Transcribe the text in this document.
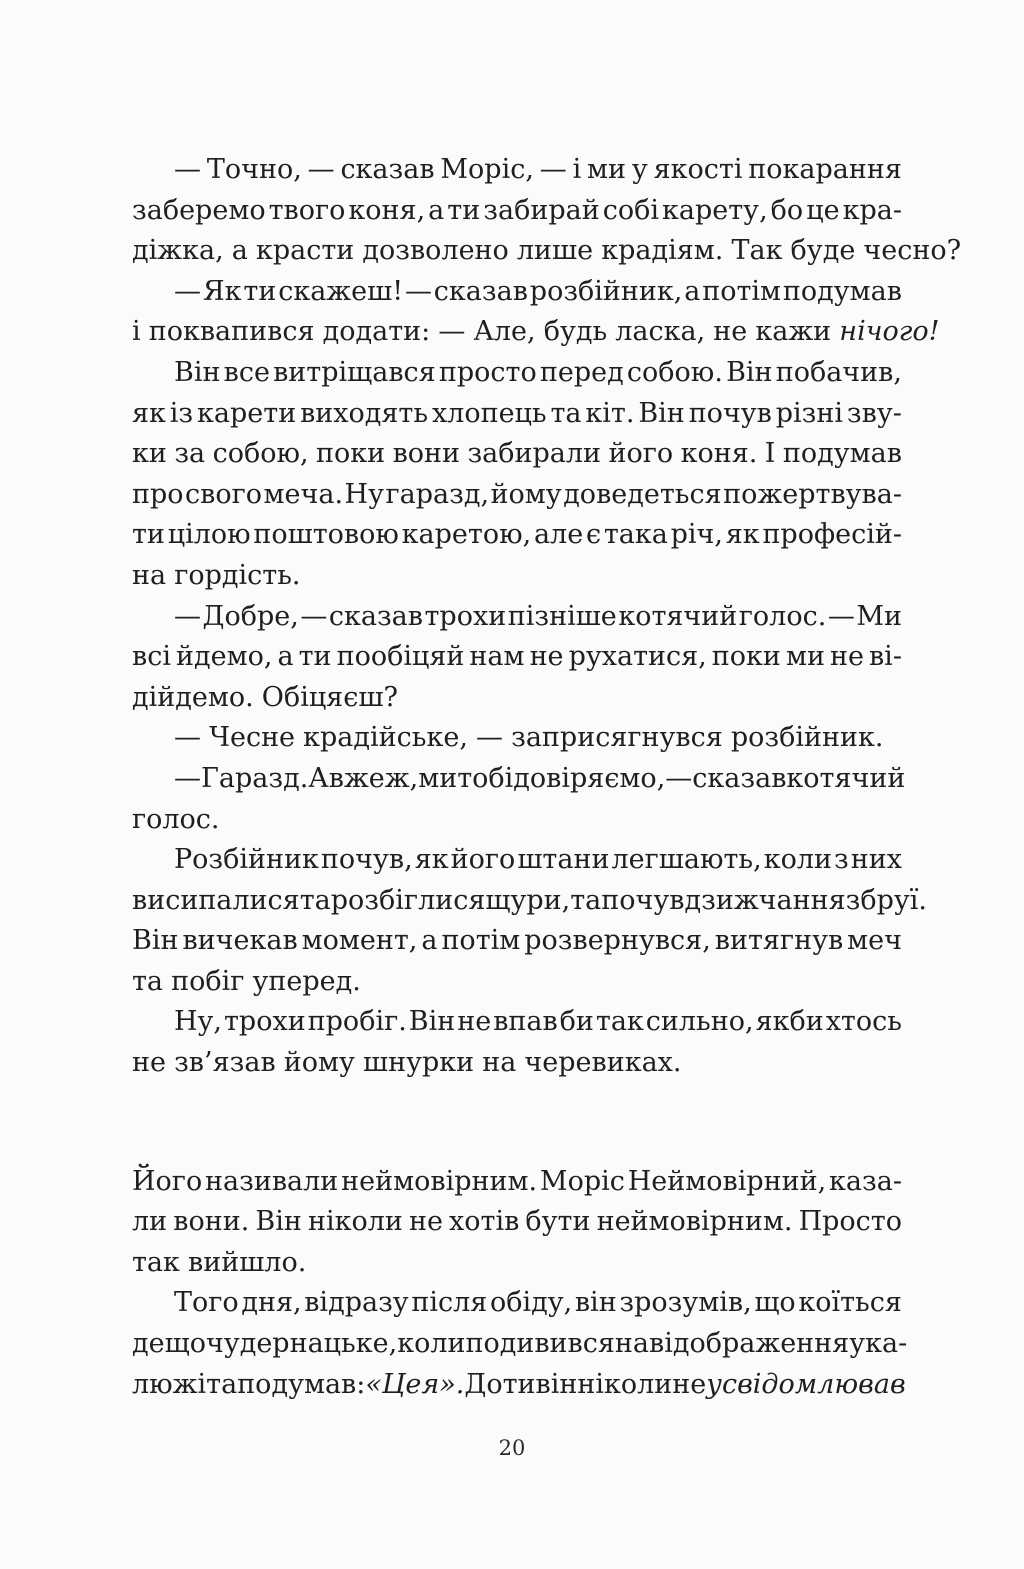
— Точно, — сказав Моріс, — і ми у якості покарання
заберемо твого коня, а ти забирай собі карету, бо це кра-
діжка, а красти дозволено лише крадіям. Так буде чесно?
— Як ти скажеш! — сказав розбійник, а потім подумав
і поквапився додати: — Але, будь ласка, не кажи нічого!
Він все витріщався просто перед собою. Він побачив,
як із карети виходять хлопець та кіт. Він почув різні зву-
ки за собою, поки вони забирали його коня. І подумав
про свого меча. Ну гаразд, йому доведеться пожертвува-
ти цілою поштовою каретою, але є така річ, як професій-
на гордість.
— Добре, — сказав трохи пізніше котячий голос. — Ми
всі йдемо, а ти пообіцяй нам не рухатися, поки ми не ві-
дійдемо. Обіцяєш?
— Чесне крадійське, — заприсягнувся розбійник.
— Гаразд. Авжеж, ми тобі довіряємо, — сказав котячий
голос.
Розбійник почув, як його штани легшають, коли з них
висипалися та розбіглися щури, та почув дзижчання збруї.
Він вичекав момент, а потім розвернувся, витягнув меч
та побіг уперед.
Ну, трохи пробіг. Він не впав би так сильно, якби хтось
не зв’язав йому шнурки на черевиках.
Його називали неймовірним. Моріс Неймовірний, каза-
ли вони. Він ніколи не хотів бути неймовірним. Просто
так вийшло.
Того дня, відразу після обіду, він зрозумів, що коїться
дещо чудернацьке, коли подивився на відображення у ка-
люжі та подумав: «Це я». Доти він ніколи не усвідомлював
20
